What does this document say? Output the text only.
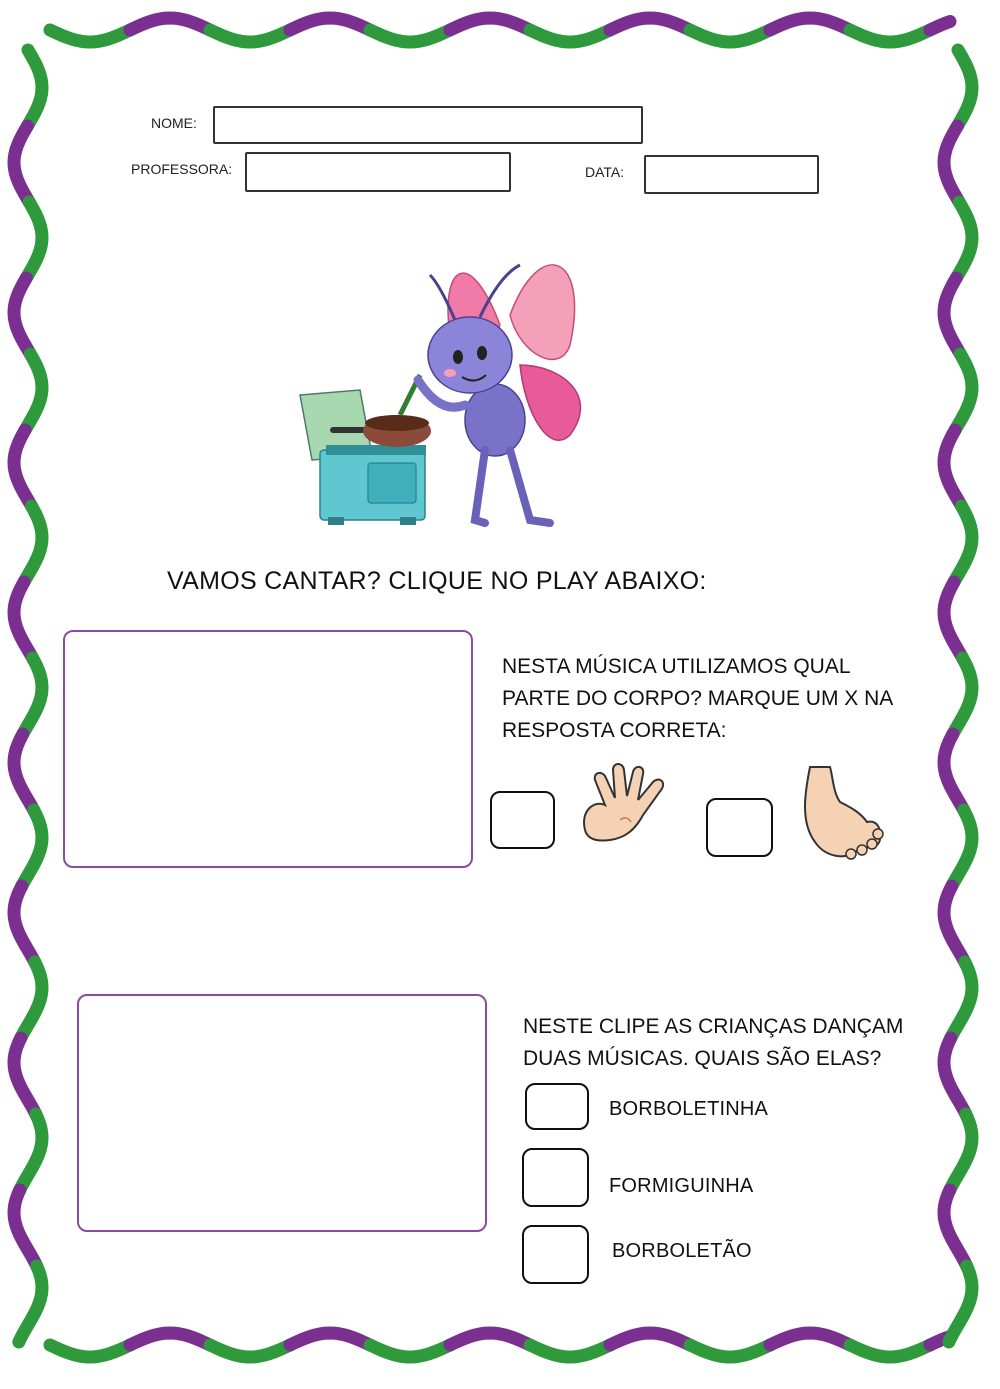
NOME:
PROFESSORA:	DATA:
VAMOS CANTAR? CLIQUE NO PLAY ABAIXO:
NESTA MÚSICA UTILIZAMOS QUAL
PARTE DO CORPO? MARQUE UM X NA
RESPOSTA CORRETA:
NESTE CLIPE AS CRIANÇAS DANÇAM
DUAS MÚSICAS. QUAIS SÃO ELAS?
BORBOLETINHA
FORMIGUINHA
BORBOLETÃO
